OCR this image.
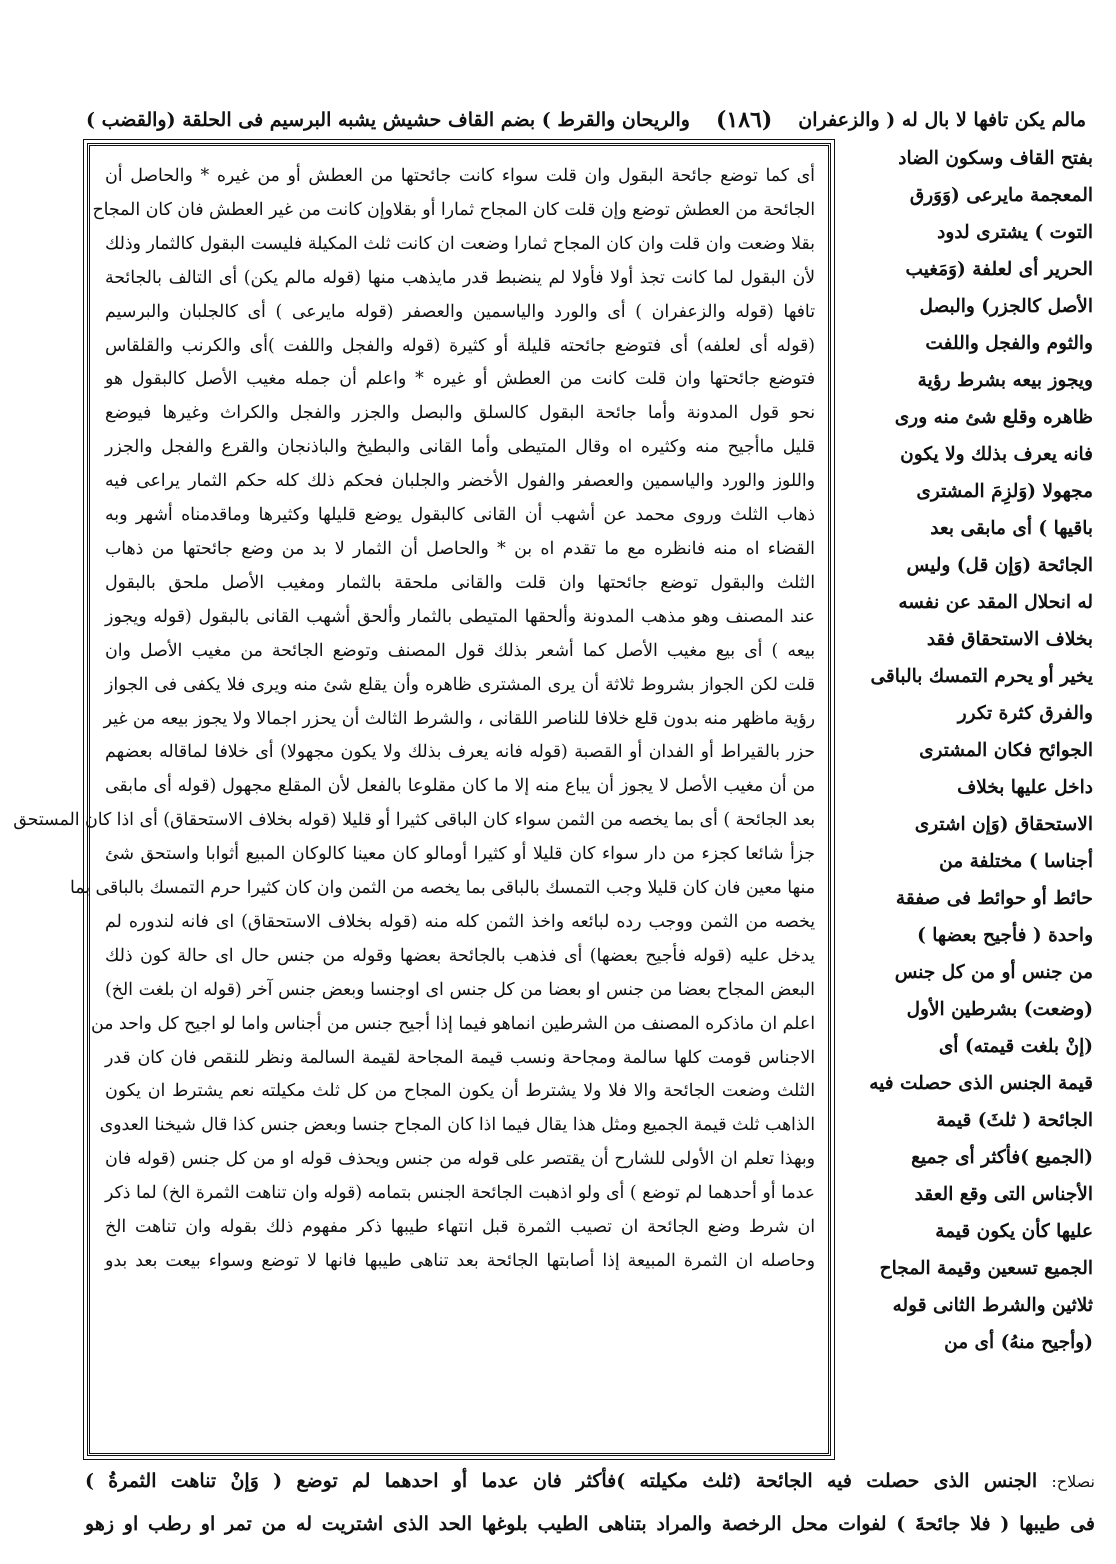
مالم يكن تافها لا بال له ( والزعفران
(١٨٦)
والريحان والقرط ) بضم القاف حشيش يشبه البرسيم فى الحلقة (والقضب )

بفتح القاف وسكون الضاد

المعجمة مايرعى (وَوَرق

التوت ) يشترى لدود

الحرير أى لعلفة (وَمَغيب

الأصل كالجزر) والبصل

والثوم والفجل واللفت

ويجوز بيعه بشرط رؤية

ظاهره وقلع شئ منه ورى

فانه يعرف بذلك ولا يكون

مجهولا (وَلزِمَ المشترى

باقيها ) أى مابقى بعد

الجائحة (وَإن قل) وليس

له انحلال المقد عن نفسه

بخلاف الاستحقاق فقد

يخير أو يحرم التمسك بالباقى

والفرق كثرة تكرر

الجوائح فكان المشترى

داخل عليها بخلاف

الاستحقاق (وَإن اشترى

أجناسا ) مختلفة من

حائط أو حوائط فى صفقة

واحدة ( فأجيح بعضها )

من جنس أو من كل جنس

(وضعت) بشرطين الأول

(إنْ بلغت قيمته) أى

قيمة الجنس الذى حصلت فيه

الجائحة ( ثلثَ) قيمة

(الجميع )فأكثر أى جميع

الأجناس التى وقع العقد

عليها كأن يكون قيمة

الجميع تسعين وقيمة المجاح

ثلاثين والشرط الثانى قوله

(وأجيح منهُ) أى من

أى كما توضع جائحة البقول وان قلت سواء كانت جائحتها من العطش أو من غيره * والحاصل أن
الجائحة من العطش توضع وإن قلت كان المجاح ثمارا أو بقلاوإن كانت من غير العطش فان كان المجاح
بقلا وضعت وان قلت وان كان المجاح ثمارا وضعت ان كانت ثلث المكيلة فليست البقول كالثمار وذلك
لأن البقول لما كانت تجذ أولا فأولا لم ينضبط قدر مايذهب منها (قوله مالم يكن) أى التالف بالجائحة
تافها (قوله والزعفران ) أى والورد والياسمين والعصفر (قوله مايرعى ) أى كالجلبان والبرسيم
(قوله أى لعلفه) أى فتوضع جائحته قليلة أو كثيرة (قوله والفجل واللفت )أى والكرنب والقلقاس
فتوضع جائحتها وان قلت كانت من العطش أو غيره * واعلم أن جمله مغيب الأصل كالبقول هو
نحو قول المدونة وأما جائحة البقول كالسلق والبصل والجزر والفجل والكراث وغيرها فيوضع
قليل ماأجيح منه وكثيره اه وقال المتيطى وأما القانى والبطيخ والباذنجان والقرع والفجل والجزر
واللوز والورد والياسمين والعصفر والفول الأخضر والجلبان فحكم ذلك كله حكم الثمار يراعى فيه
ذهاب الثلث وروى محمد عن أشهب أن القانى كالبقول يوضع قليلها وكثيرها وماقدمناه أشهر وبه
القضاء اه منه فانظره مع ما تقدم اه بن * والحاصل أن الثمار لا بد من وضع جائحتها من ذهاب
الثلث والبقول توضع جائحتها وان قلت والقانى ملحقة بالثمار ومغيب الأصل ملحق بالبقول
عند المصنف وهو مذهب المدونة وألحقها المتيطى بالثمار وألحق أشهب القانى بالبقول (قوله ويجوز
بيعه ) أى بيع مغيب الأصل كما أشعر بذلك قول المصنف وتوضع الجائحة من مغيب الأصل وان
قلت لكن الجواز بشروط ثلاثة أن يرى المشترى ظاهره وأن يقلع شئ منه ويرى فلا يكفى فى الجواز
رؤية ماظهر منه بدون قلع خلافا للناصر اللقانى ، والشرط الثالث أن يحزر اجمالا ولا يجوز بيعه من غير
حزر بالقيراط أو الفدان أو القصبة (قوله فانه يعرف بذلك ولا يكون مجهولا) أى خلافا لماقاله بعضهم
من أن مغيب الأصل لا يجوز أن يباع منه إلا ما كان مقلوعا بالفعل لأن المقلع مجهول (قوله أى مابقى
بعد الجائحة ) أى بما يخصه من الثمن سواء كان الباقى كثيرا أو قليلا (قوله بخلاف الاستحقاق) أى اذا كان المستحق
جزأ شائعا كجزء من دار سواء كان قليلا أو كثيرا أومالو كان معينا كالوكان المبيع أثوابا واستحق شئ
منها معين فان كان قليلا وجب التمسك بالباقى بما يخصه من الثمن وان كان كثيرا حرم التمسك بالباقى بما
يخصه من الثمن ووجب رده لبائعه واخذ الثمن كله منه (قوله بخلاف الاستحقاق) اى فانه لندوره لم
يدخل عليه (قوله فأجيح بعضها) أى فذهب بالجائحة بعضها وقوله من جنس حال اى حالة كون ذلك
البعض المجاح بعضا من جنس او بعضا من كل جنس اى اوجنسا وبعض جنس آخر (قوله ان بلغت الخ)
اعلم ان ماذكره المصنف من الشرطين انماهو فيما إذا أجيح جنس من أجناس واما لو اجيح كل واحد من
الاجناس قومت كلها سالمة ومجاحة ونسب قيمة المجاحة لقيمة السالمة ونظر للنقص فان كان قدر
الثلث وضعت الجائحة والا فلا ولا يشترط أن يكون المجاح من كل ثلث مكيلته نعم يشترط ان يكون
الذاهب ثلث قيمة الجميع ومثل هذا يقال فيما اذا كان المجاح جنسا وبعض جنس كذا قال شيخنا العدوى
وبهذا تعلم ان الأولى للشارح أن يقتصر على قوله من جنس ويحذف قوله او من كل جنس (قوله فان
عدما أو أحدهما لم توضع ) أى ولو اذهبت الجائحة الجنس بتمامه (قوله وان تناهت الثمرة الخ) لما ذكر
ان شرط وضع الجائحة ان تصيب الثمرة قبل انتهاء طيبها ذكر مفهوم ذلك بقوله وان تناهت الخ
وحاصله ان الثمرة المبيعة إذا أصابتها الجائحة بعد تناهى طيبها فانها لا توضع وسواء بيعت بعد بدو
نصلاح: الجنس الذى حصلت فيه الجائحة (ثلث مكيلته )فأكثر فان عدما أو احدهما لم توضع ( وَإنْ تناهت الثمرةُ )
فى طيبها ( فلا جائحةَ ) لفوات محل الرخصة والمراد بتناهى الطيب بلوغها الحد الذى اشتريت له من تمر او رطب او زهو
